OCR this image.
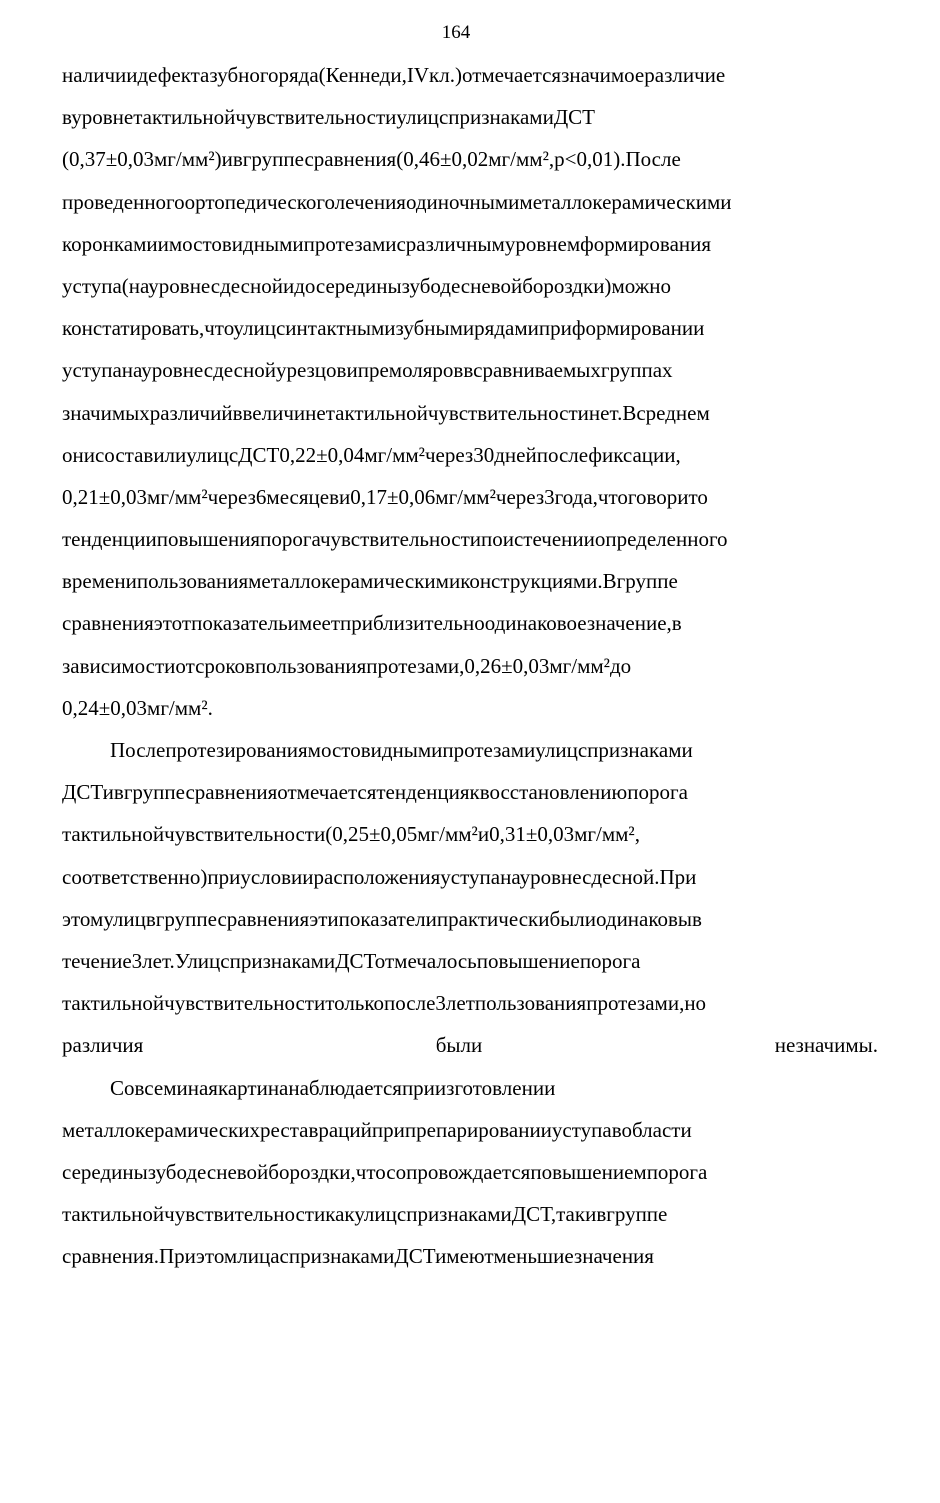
164
наличиидефектазубногоряда(Кеннеди,IVкл.)отмечаетсязначимоеразличие
вуровнетактильнойчувствительностиулицспризнакамиДСТ
(0,37±0,03мг/мм²)ивгруппесравнения(0,46±0,02мг/мм²,р<0,01).После
проведенногоортопедическоголеченияодиночнымиметаллокерамическими
коронкамиимостовиднымипротезамисразличнымуровнемформирования
уступа(науровнесдеснойидосерединызубодесневойбороздки)можно
констатировать,чтоулицсинтактнымизубнымирядамиприформировании
уступанауровнесдеснойурезцовипремоляроввсравниваемыхгруппах
значимыхразличийввеличинетактильнойчувствительностинет.Всреднем
онисоставилиулицсДСТ0,22±0,04мг/мм²через30днейпослефиксации,
0,21±0,03мг/мм²через6месяцеви0,17±0,06мг/мм²через3года,чтоговорито
тенденцииповышенияпорогачувствительностипоистеченииопределенного
временипользованияметаллокерамическимиконструкциями.Вгруппе
сравненияэтотпоказательимеетприблизительноодинаковоезначение,в
зависимостиотсроковпользованияпротезами,0,26±0,03мг/мм²до
0,24±0,03мг/мм².
Послепротезированиямостовиднымипротезамиулицспризнаками
ДСТивгруппесравненияотмечаетсятенденцияквосстановлениюпорога
тактильнойчувствительности(0,25±0,05мг/мм²и0,31±0,03мг/мм²,
соответственно)приусловиирасположенияуступанауровнесдесной.При
этомулицвгруппесравненияэтипоказателипрактическибылиодинаковыв
течение3лет.УлицспризнакамиДСТотмечалосьповышениепорога
тактильнойчувствительноститолькопосле3летпользованияпротезами,но
различия были незначимы.
Совсеминаякартинанаблюдаетсяприизготовлении
металлокерамическихреставрацийприпрепарированииуступавобласти
серединызубодесневойбороздки,чтосопровождаетсяповышениемпорога
тактильнойчувствительностикакулицспризнакамиДСТ,такивгруппе
сравнения.ПриэтомлицаспризнакамиДСТимеютменьшиезначения
